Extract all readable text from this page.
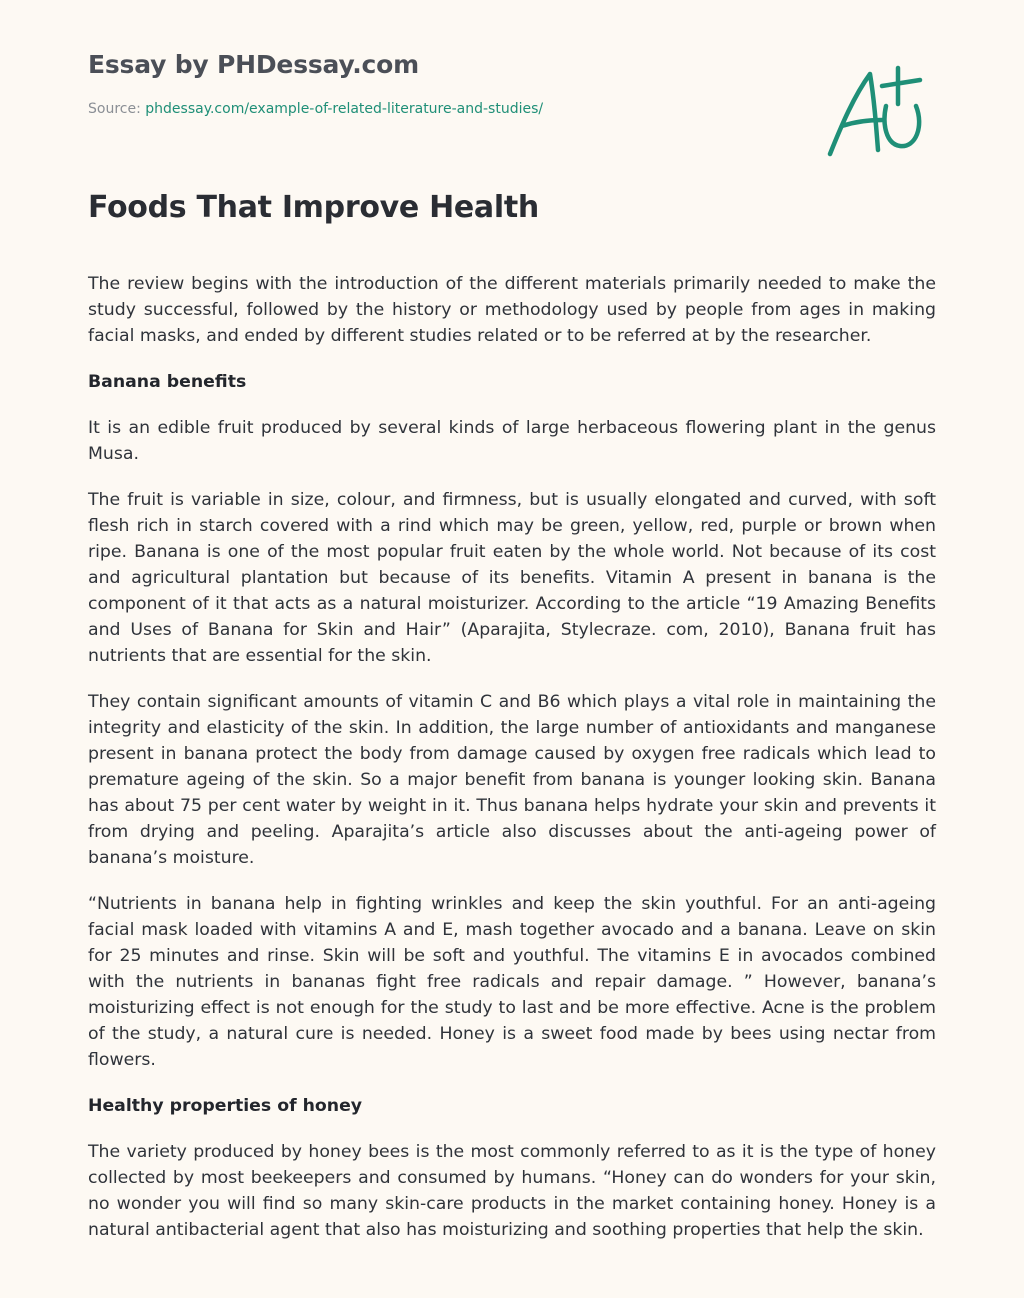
Essay by PHDessay.com
Source: phdessay.com/example-of-related-literature-and-studies/
Foods That Improve Health

The review begins with the introduction of the different materials primarily needed to make the study successful, followed by the history or methodology used by people from ages in making facial masks, and ended by different studies related or to be referred at by the researcher.

Banana benefits

It is an edible fruit produced by several kinds of large herbaceous flowering plant in the genus Musa.

The fruit is variable in size, colour, and firmness, but is usually elongated and curved, with soft flesh rich in starch covered with a rind which may be green, yellow, red, purple or brown when ripe. Banana is one of the most popular fruit eaten by the whole world. Not because of its cost and agricultural plantation but because of its benefits. Vitamin A present in banana is the component of it that acts as a natural moisturizer. According to the article “19 Amazing Benefits and Uses of Banana for Skin and Hair” (Aparajita, Stylecraze. com, 2010), Banana fruit has nutrients that are essential for the skin.

They contain significant amounts of vitamin C and B6 which plays a vital role in maintaining the integrity and elasticity of the skin. In addition, the large number of antioxidants and manganese present in banana protect the body from damage caused by oxygen free radicals which lead to premature ageing of the skin. So a major benefit from banana is younger looking skin. Banana has about 75 per cent water by weight in it. Thus banana helps hydrate your skin and prevents it from drying and peeling. Aparajita’s article also discusses about the anti-ageing power of banana’s moisture.

“Nutrients in banana help in fighting wrinkles and keep the skin youthful. For an anti-ageing facial mask loaded with vitamins A and E, mash together avocado and a banana. Leave on skin for 25 minutes and rinse. Skin will be soft and youthful. The vitamins E in avocados combined with the nutrients in bananas fight free radicals and repair damage. ” However, banana’s moisturizing effect is not enough for the study to last and be more effective. Acne is the problem of the study, a natural cure is needed. Honey is a sweet food made by bees using nectar from flowers.

Healthy properties of honey

The variety produced by honey bees is the most commonly referred to as it is the type of honey collected by most beekeepers and consumed by humans. “Honey can do wonders for your skin, no wonder you will find so many skin-care products in the market containing honey. Honey is a natural antibacterial agent that also has moisturizing and soothing properties that help the skin.
